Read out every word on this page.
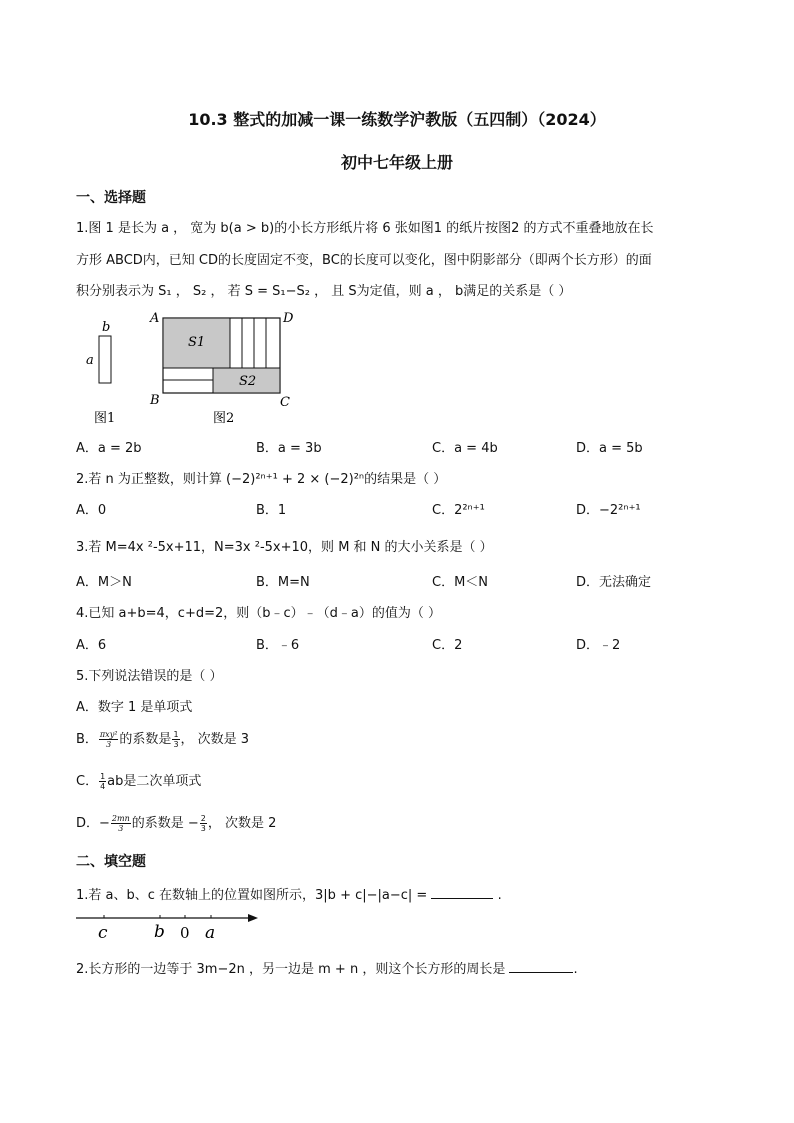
10.3 整式的加减一课一练数学沪教版（五四制）（2024）
初中七年级上册
一、选择题
1.图 1 是长为 a ， 宽为 b(a > b)的小长方形纸片将 6 张如图1 的纸片按图2 的方式不重叠地放在长
方形 ABCD内，已知 CD的长度固定不变，BC的长度可以变化，图中阴影部分（即两个长方形）的面
积分别表示为 S₁ ， S₂ ， 若 S = S₁−S₂ ， 且 S为定值，则 a ， b满足的关系是（ ）
b
a
图1
S1
S2
A	D
B	C
图2
A．a = 2b	B．a = 3b	C．a = 4b	D．a = 5b
2.若 n 为正整数，则计算 (−2)²ⁿ⁺¹ + 2 × (−2)²ⁿ的结果是（ ）
A．0	B．1	C．2²ⁿ⁺¹	D．−2²ⁿ⁺¹
3.若 M=4x ²-5x+11，N=3x ²-5x+10，则 M 和 N 的大小关系是（ ）
A．M＞N	B．M=N	C．M＜N	D．无法确定
4.已知 a+b=4，c+d=2，则（b﹣c）﹣（d﹣a）的值为（ ）
A．6	B．﹣6	C．2	D．﹣2
5.下列说法错误的是（ ）
A．数字 1 是单项式
B． $\frac{\text{πxy²}}{3}$ 的系数是 $\frac{1}{3}$ ， 次数是 3
C． $\frac{1}{4}$ ab是二次单项式
D．− $\frac{2mn}{3}$ 的系数是 − $\frac{2}{3}$ ， 次数是 2
二、填空题
1.若 a、b、c 在数轴上的位置如图所示，3|b + c|−|a−c| =	.
c	b 0 a
2.长方形的一边等于 3m−2n ，另一边是 m + n ，则这个长方形的周长是	.
